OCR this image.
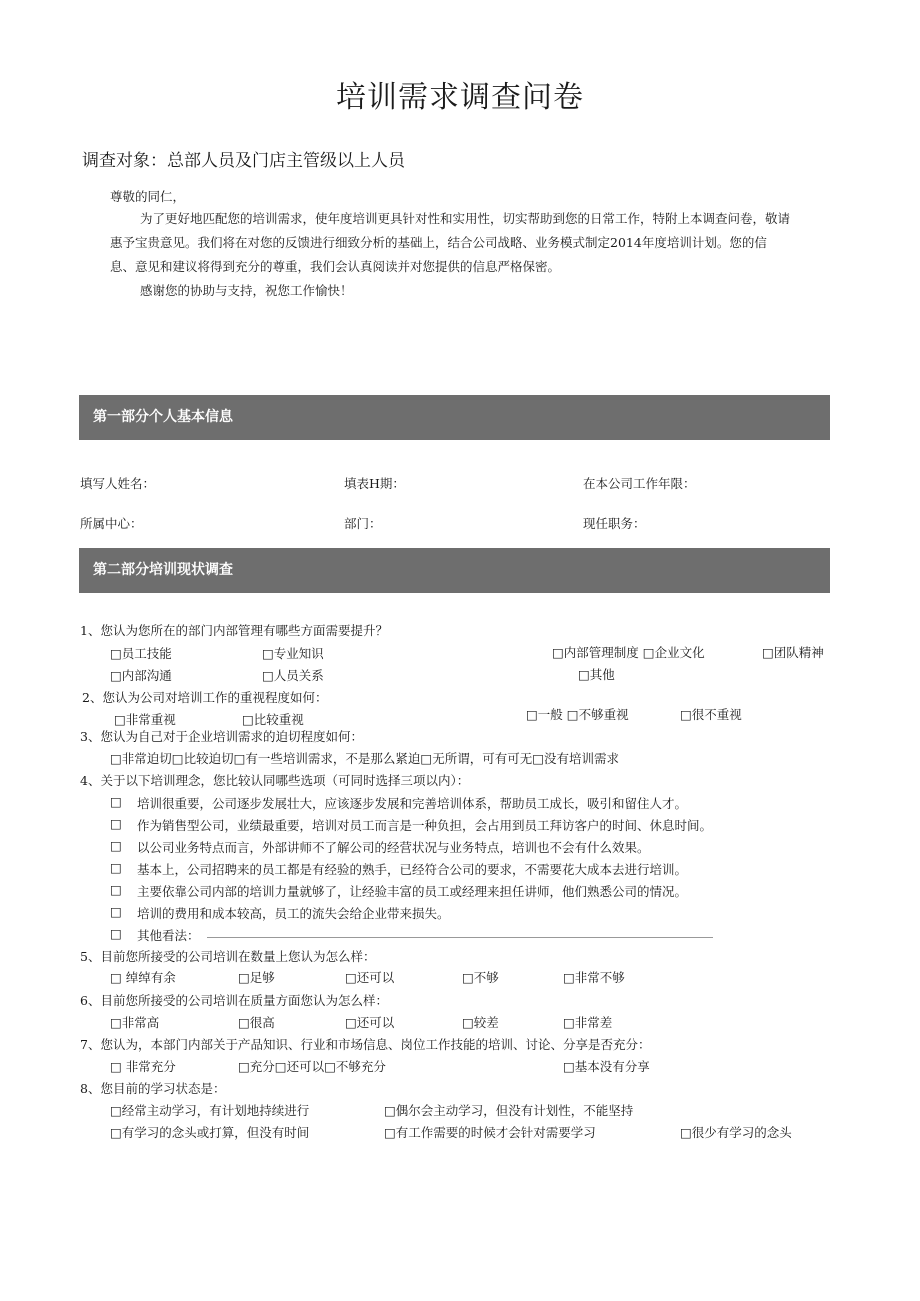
培训需求调查问卷
调查对象：总部人员及门店主管级以上人员
尊敬的同仁，
为了更好地匹配您的培训需求，使年度培训更具针对性和实用性，切实帮助到您的日常工作，特附上本调查问卷，敬请
惠予宝贵意见。我们将在对您的反馈进行细致分析的基础上，结合公司战略、业务模式制定2014年度培训计划。您的信
息、意见和建议将得到充分的尊重，我们会认真阅读并对您提供的信息严格保密。
感谢您的协助与支持，祝您工作愉快！
第一部分个人基本信息
填写人姓名：	填表H期：	在本公司工作年限：
所属中心：	部门：	现任职务：
第二部分培训现状调查
1、您认为您所在的部门内部管理有哪些方面需要提升？
□员工技能	□专业知识	□内部管理制度 □企业文化	□团队精神
□内部沟通	□人员关系	□其他
2、您认为公司对培训工作的重视程度如何：
□非常重视	□比较重视	□一般 □不够重视	□很不重视
3、您认为自己对于企业培训需求的迫切程度如何：
□非常迫切□比较迫切□有一些培训需求，不是那么紧迫□无所谓，可有可无□没有培训需求
4、关于以下培训理念，您比较认同哪些选项（可同时选择三项以内）：
□ 培训很重要，公司逐步发展壮大，应该逐步发展和完善培训体系，帮助员工成长，吸引和留住人才。
□ 作为销售型公司，业绩最重要，培训对员工而言是一种负担，会占用到员工拜访客户的时间、休息时间。
□ 以公司业务特点而言，外部讲师不了解公司的经营状况与业务特点，培训也不会有什么效果。
□ 基本上，公司招聘来的员工都是有经验的熟手，已经符合公司的要求，不需要花大成本去进行培训。
□ 主要依靠公司内部的培训力量就够了，让经验丰富的员工或经理来担任讲师，他们熟悉公司的情况。
□ 培训的费用和成本较高，员工的流失会给企业带来损失。
□ 其他看法：
5、目前您所接受的公司培训在数量上您认为怎么样：
□ 绰绰有余	□足够	□还可以	□不够	□非常不够
6、目前您所接受的公司培训在质量方面您认为怎么样：
□非常高	□很高	□还可以	□较差	□非常差
7、您认为，本部门内部关于产品知识、行业和市场信息、岗位工作技能的培训、讨论、分享是否充分：
□ 非常充分	□充分□还可以□不够充分	□基本没有分享
8、您目前的学习状态是：
□经常主动学习，有计划地持续进行	□偶尔会主动学习，但没有计划性，不能坚持
□有学习的念头或打算，但没有时间	□有工作需要的时候才会针对需要学习	□很少有学习的念头
